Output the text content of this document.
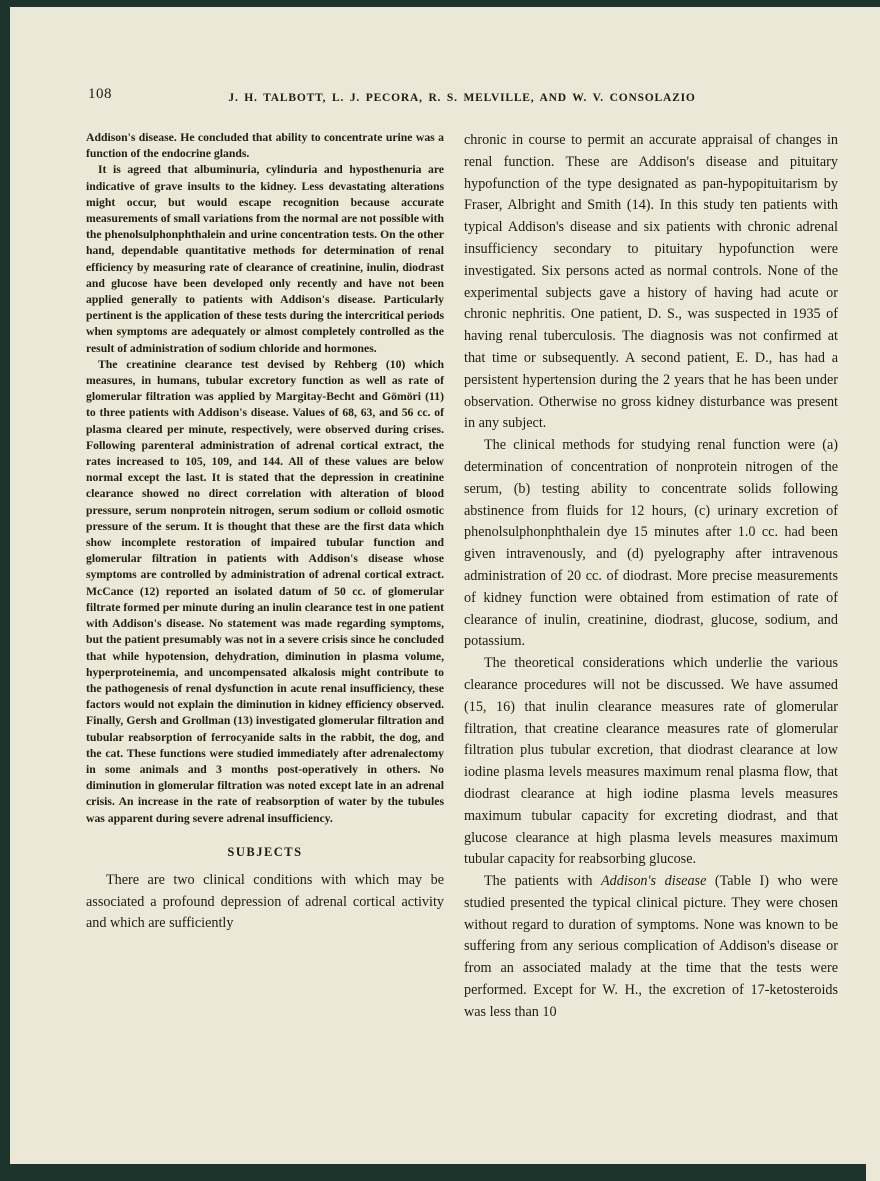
108	J. H. TALBOTT, L. J. PECORA, R. S. MELVILLE, AND W. V. CONSOLAZIO

Addison's disease. He concluded that ability to concentrate urine was a function of the endocrine glands.

It is agreed that albuminuria, cylinduria and hyposthenuria are indicative of grave insults to the kidney. Less devastating alterations might occur, but would escape recognition because accurate measurements of small variations from the normal are not possible with the phenolsulphonphthalein and urine concentration tests. On the other hand, dependable quantitative methods for determination of renal efficiency by measuring rate of clearance of creatinine, inulin, diodrast and glucose have been developed only recently and have not been applied generally to patients with Addison's disease. Particularly pertinent is the application of these tests during the intercritical periods when symptoms are adequately or almost completely controlled as the result of administration of sodium chloride and hormones.

The creatinine clearance test devised by Rehberg (10) which measures, in humans, tubular excretory function as well as rate of glomerular filtration was applied by Margitay-Becht and Gömöri (11) to three patients with Addison's disease. Values of 68, 63, and 56 cc. of plasma cleared per minute, respectively, were observed during crises. Following parenteral administration of adrenal cortical extract, the rates increased to 105, 109, and 144. All of these values are below normal except the last. It is stated that the depression in creatinine clearance showed no direct correlation with alteration of blood pressure, serum nonprotein nitrogen, serum sodium or colloid osmotic pressure of the serum. It is thought that these are the first data which show incomplete restoration of impaired tubular function and glomerular filtration in patients with Addison's disease whose symptoms are controlled by administration of adrenal cortical extract. McCance (12) reported an isolated datum of 50 cc. of glomerular filtrate formed per minute during an inulin clearance test in one patient with Addison's disease. No statement was made regarding symptoms, but the patient presumably was not in a severe crisis since he concluded that while hypotension, dehydration, diminution in plasma volume, hyperproteinemia, and uncompensated alkalosis might contribute to the pathogenesis of renal dysfunction in acute renal insufficiency, these factors would not explain the diminution in kidney efficiency observed. Finally, Gersh and Grollman (13) investigated glomerular filtration and tubular reabsorption of ferrocyanide salts in the rabbit, the dog, and the cat. These functions were studied immediately after adrenalectomy in some animals and 3 months post-operatively in others. No diminution in glomerular filtration was noted except late in an adrenal crisis. An increase in the rate of reabsorption of water by the tubules was apparent during severe adrenal insufficiency.

SUBJECTS

There are two clinical conditions with which may be associated a profound depression of adrenal cortical activity and which are sufficiently

chronic in course to permit an accurate appraisal of changes in renal function. These are Addison's disease and pituitary hypofunction of the type designated as pan-hypopituitarism by Fraser, Albright and Smith (14). In this study ten patients with typical Addison's disease and six patients with chronic adrenal insufficiency secondary to pituitary hypofunction were investigated. Six persons acted as normal controls. None of the experimental subjects gave a history of having had acute or chronic nephritis. One patient, D. S., was suspected in 1935 of having renal tuberculosis. The diagnosis was not confirmed at that time or subsequently. A second patient, E. D., has had a persistent hypertension during the 2 years that he has been under observation. Otherwise no gross kidney disturbance was present in any subject.

The clinical methods for studying renal function were (a) determination of concentration of nonprotein nitrogen of the serum, (b) testing ability to concentrate solids following abstinence from fluids for 12 hours, (c) urinary excretion of phenolsulphonphthalein dye 15 minutes after 1.0 cc. had been given intravenously, and (d) pyelography after intravenous administration of 20 cc. of diodrast. More precise measurements of kidney function were obtained from estimation of rate of clearance of inulin, creatinine, diodrast, glucose, sodium, and potassium.

The theoretical considerations which underlie the various clearance procedures will not be discussed. We have assumed (15, 16) that inulin clearance measures rate of glomerular filtration, that creatine clearance measures rate of glomerular filtration plus tubular excretion, that diodrast clearance at low iodine plasma levels measures maximum renal plasma flow, that diodrast clearance at high iodine plasma levels measures maximum tubular capacity for excreting diodrast, and that glucose clearance at high plasma levels measures maximum tubular capacity for reabsorbing glucose.

The patients with Addison's disease (Table I) who were studied presented the typical clinical picture. They were chosen without regard to duration of symptoms. None was known to be suffering from any serious complication of Addison's disease or from an associated malady at the time that the tests were performed. Except for W. H., the excretion of 17-ketosteroids was less than 10
